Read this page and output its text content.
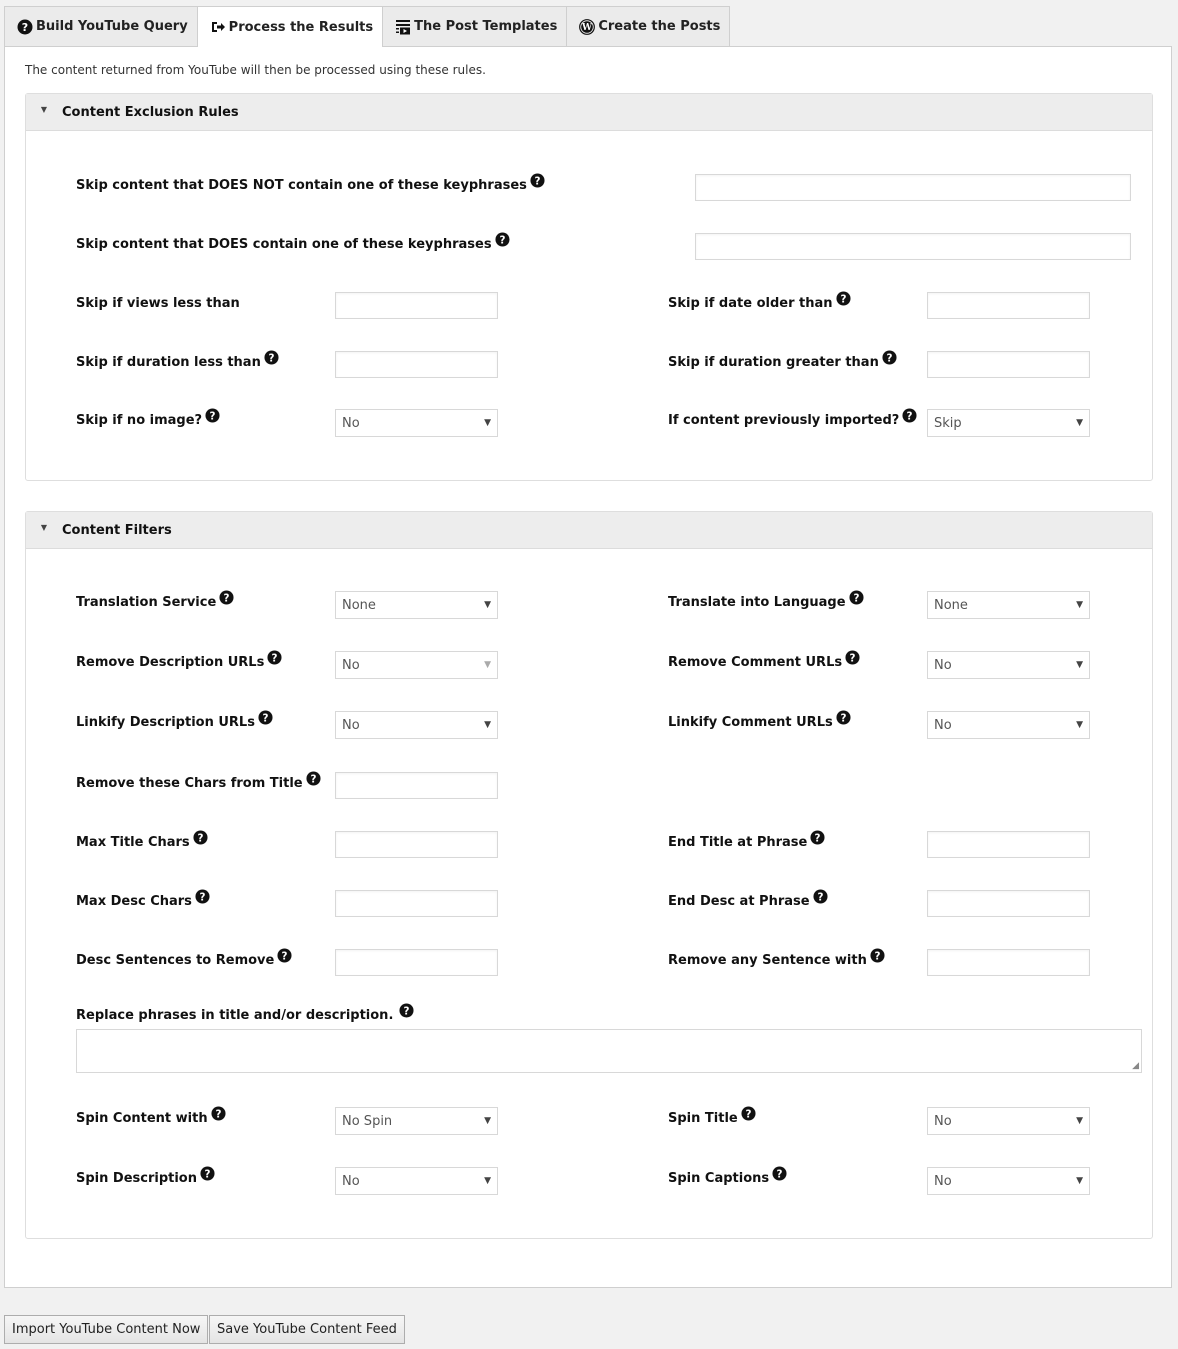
? Build YouTube Query	Process the Results	The Post Templates	W Create the Posts
The content returned from YouTube will then be processed using these rules.
▼	Content Exclusion Rules
Skip content that DOES NOT contain one of these keyphrases ?
Skip content that DOES contain one of these keyphrases ?
Skip if views less than	Skip if date older than ?
Skip if duration less than ?	Skip if duration greater than ?
Skip if no image? ?	No	▼	If content previously imported? ? Skip	▼
▼	Content Filters
Translation Service ?	None	▼	Translate into Language ?	None	▼
Remove Description URLs ?	No	▼	Remove Comment URLs ?	No	▼
Linkify Description URLs ?	No	▼	Linkify Comment URLs ?	No	▼
Remove these Chars from Title ?
Max Title Chars ?	End Title at Phrase ?
Max Desc Chars ?	End Desc at Phrase ?
Desc Sentences to Remove ?	Remove any Sentence with ?
Replace phrases in title and/or description. ?
◢
Spin Content with ?	No Spin	▼	Spin Title ?	No	▼
Spin Description ?	No	▼	Spin Captions ?	No	▼
Import YouTube Content Now	Save YouTube Content Feed
